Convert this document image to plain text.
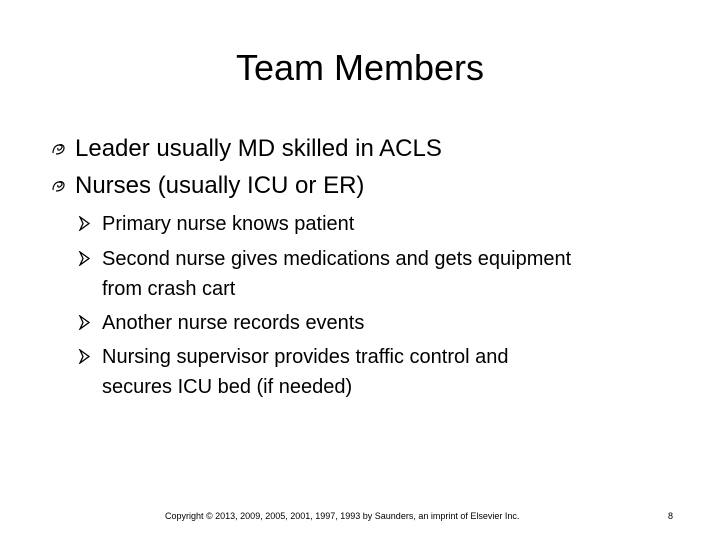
Team Members
Leader usually MD skilled in ACLS
Nurses (usually ICU or ER)
Primary nurse knows patient
Second nurse gives medications and gets equipment
from crash cart
Another nurse records events
Nursing supervisor provides traffic control and
secures ICU bed (if needed)
Copyright © 2013, 2009, 2005, 2001, 1997, 1993 by Saunders, an imprint of Elsevier Inc.	8
